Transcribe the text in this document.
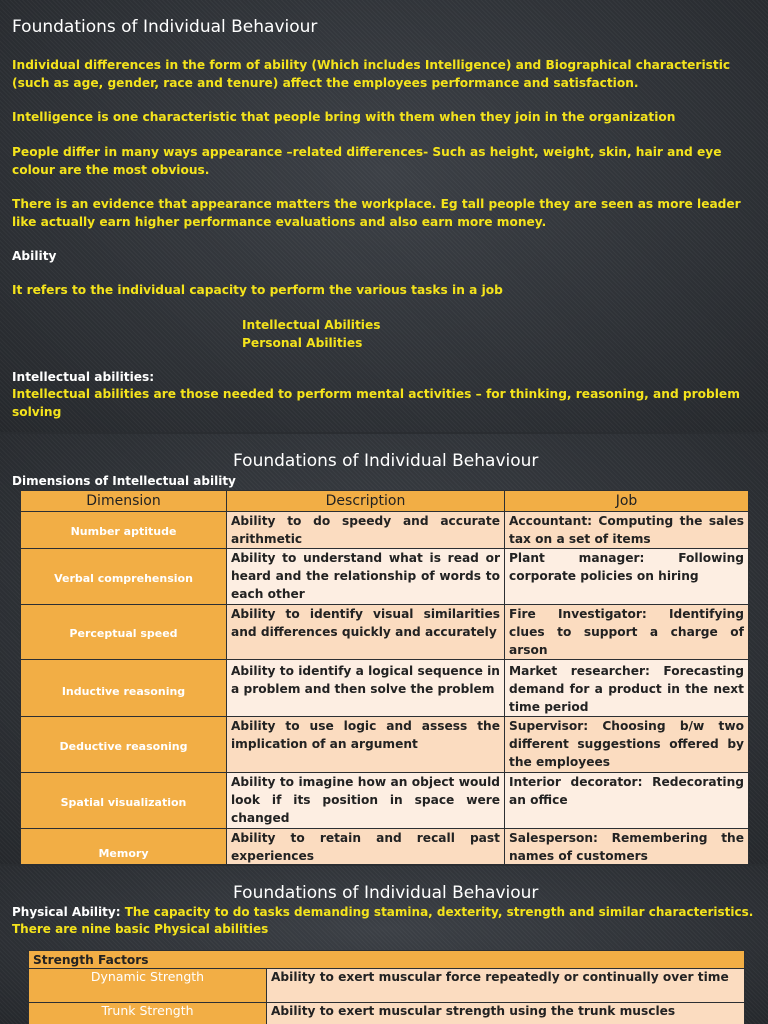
Foundations of Individual Behaviour
Individual differences in the form of ability (Which includes Intelligence) and Biographical characteristic (such as age, gender, race and tenure) affect the employees performance and satisfaction.
Intelligence is one characteristic that people bring with them when they join in the organization
People differ in many ways appearance –related differences- Such as height, weight, skin, hair and eye colour are the most obvious.
There is an evidence that appearance matters the workplace. Eg tall people they are seen as more leader like actually earn higher performance evaluations and also earn more money.
Ability
It refers to the individual capacity to perform the various tasks in a job
Intellectual Abilities
Personal Abilities
Intellectual abilities:
Intellectual abilities are those needed to perform mental activities – for thinking, reasoning, and problem solving
Foundations of Individual Behaviour
Dimensions of Intellectual ability
Dimension	Description	Job
Number aptitude	Ability to do speedy and accurate arithmetic	Accountant: Computing the sales tax on a set of items
Verbal comprehension	Ability to understand what is read or heard and the relationship of words to each other	Plant manager: Following corporate policies on hiring
Perceptual speed	Ability to identify visual similarities and differences quickly and accurately	Fire Investigator: Identifying clues to support a charge of arson
Inductive reasoning	Ability to identify a logical sequence in a problem and then solve the problem	Market researcher: Forecasting demand for a product in the next time period
Deductive reasoning	Ability to use logic and assess the implication of an argument	Supervisor: Choosing b/w two different suggestions offered by the employees
Spatial visualization	Ability to imagine how an object would look if its position in space were changed	Interior decorator: Redecorating an office
Memory	Ability to retain and recall past experiences	Salesperson: Remembering the names of customers
Foundations of Individual Behaviour
Physical Ability: The capacity to do tasks demanding stamina, dexterity, strength and similar characteristics. There are nine basic Physical abilities
Strength Factors	
Dynamic Strength	Ability to exert muscular force repeatedly or continually over time
Trunk Strength	Ability to exert muscular strength using the trunk muscles
